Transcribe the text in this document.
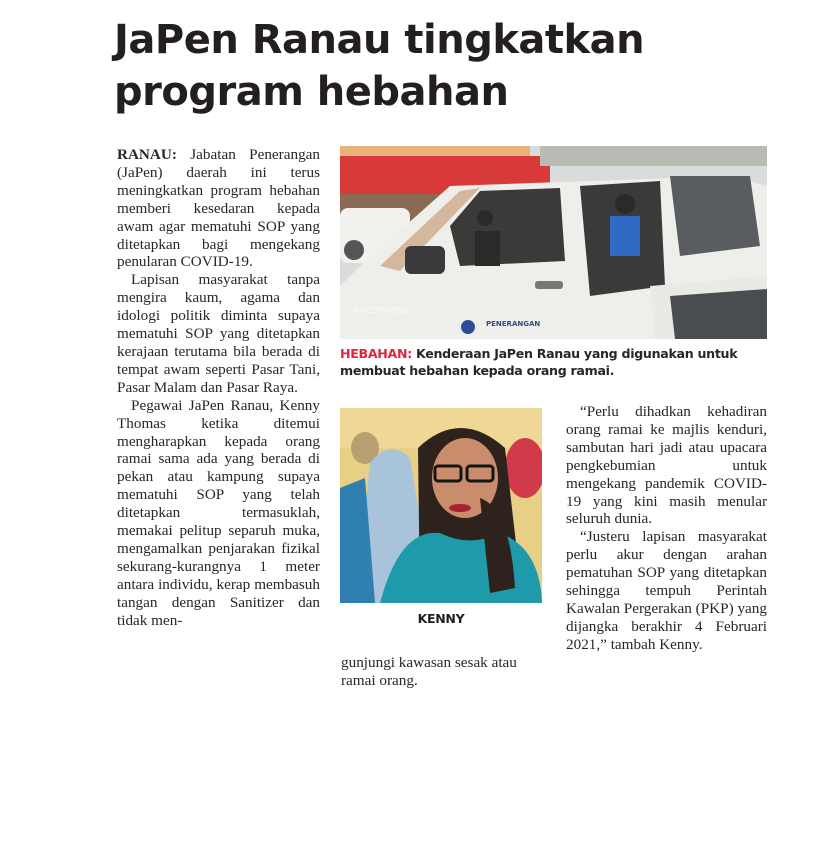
JaPen Ranau tingkatkan
program hebahan

RANAU: Jabatan Penerangan (JaPen) daerah ini terus meningkatkan program hebahan memberi kesedaran kepada awam agar mematuhi SOP yang ditetapkan bagi mengekang penularan COVID-19.

Lapisan masyarakat tanpa mengira kaum, agama dan idologi politik diminta supaya mematuhi SOP yang ditetapkan kerajaan terutama bila berada di tempat awam seperti Pasar Tani, Pasar Malam dan Pasar Raya.

Pegawai JaPen Ranau, Kenny Thomas ketika ditemui mengharapkan kepada orang ramai sama ada yang berada di pekan atau kampung supaya mematuhi SOP yang telah ditetapkan termasuklah, memakai pelitup separuh muka, mengamalkan penjarakan fizikal sekurang-kurangnya 1 meter antara individu, kerap membasuh tangan dengan Sanitizer dan tidak men-

POCOPHONE
PENERANGAN
HEBAHAN: Kenderaan JaPen Ranau yang digunakan untuk membuat hebahan kepada orang ramai.
KENNY

gunjungi kawasan sesak atau ramai orang.

“Perlu dihadkan kehadiran orang ramai ke majlis kenduri, sambutan hari jadi atau upacara pengkebumian untuk mengekang pandemik COVID-19 yang kini masih menular seluruh dunia.

“Justeru lapisan masyarakat perlu akur dengan arahan pematuhan SOP yang ditetapkan sehingga tempuh Perintah Kawalan Pergerakan (PKP) yang dijangka berakhir 4 Februari 2021,” tambah Kenny.
